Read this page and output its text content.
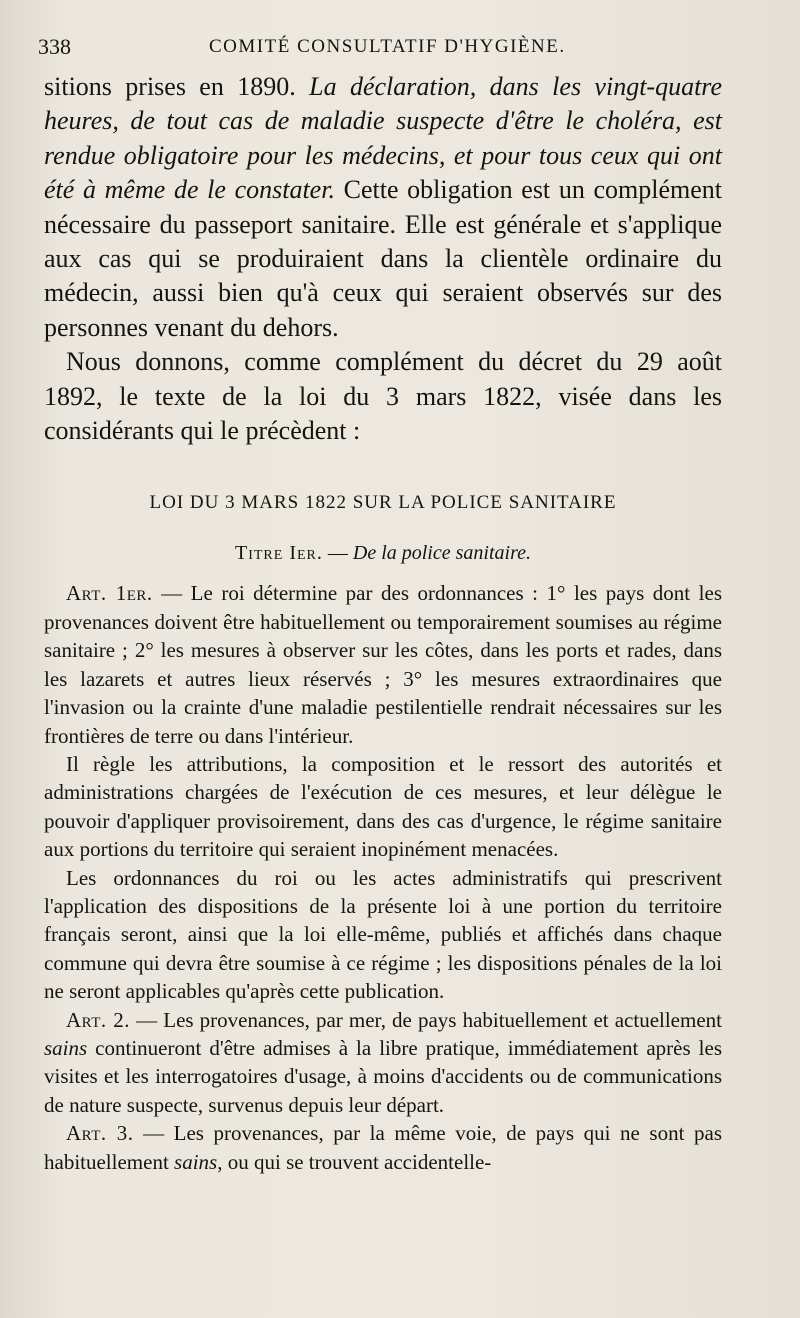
338	COMITÉ CONSULTATIF D'HYGIÈNE.

sitions prises en 1890. La déclaration, dans les vingt-quatre heures, de tout cas de maladie suspecte d'être le choléra, est rendue obligatoire pour les médecins, et pour tous ceux qui ont été à même de le constater. Cette obligation est un complément nécessaire du passeport sanitaire. Elle est générale et s'applique aux cas qui se produiraient dans la clientèle ordinaire du médecin, aussi bien qu'à ceux qui seraient observés sur des personnes venant du dehors.

Nous donnons, comme complément du décret du 29 août 1892, le texte de la loi du 3 mars 1822, visée dans les considérants qui le précèdent :

LOI DU 3 MARS 1822 SUR LA POLICE SANITAIRE
Titre Ier. — De la police sanitaire.

Art. 1er. — Le roi détermine par des ordonnances : 1° les pays dont les provenances doivent être habituellement ou temporairement soumises au régime sanitaire ; 2° les mesures à observer sur les côtes, dans les ports et rades, dans les lazarets et autres lieux réservés ; 3° les mesures extraordinaires que l'invasion ou la crainte d'une maladie pestilentielle rendrait nécessaires sur les frontières de terre ou dans l'intérieur.

Il règle les attributions, la composition et le ressort des autorités et administrations chargées de l'exécution de ces mesures, et leur délègue le pouvoir d'appliquer provisoirement, dans des cas d'urgence, le régime sanitaire aux portions du territoire qui seraient inopinément menacées.

Les ordonnances du roi ou les actes administratifs qui prescrivent l'application des dispositions de la présente loi à une portion du territoire français seront, ainsi que la loi elle-même, publiés et affichés dans chaque commune qui devra être soumise à ce régime ; les dispositions pénales de la loi ne seront applicables qu'après cette publication.

Art. 2. — Les provenances, par mer, de pays habituellement et actuellement sains continueront d'être admises à la libre pratique, immédiatement après les visites et les interrogatoires d'usage, à moins d'accidents ou de communications de nature suspecte, survenus depuis leur départ.

Art. 3. — Les provenances, par la même voie, de pays qui ne sont pas habituellement sains, ou qui se trouvent accidentelle-
